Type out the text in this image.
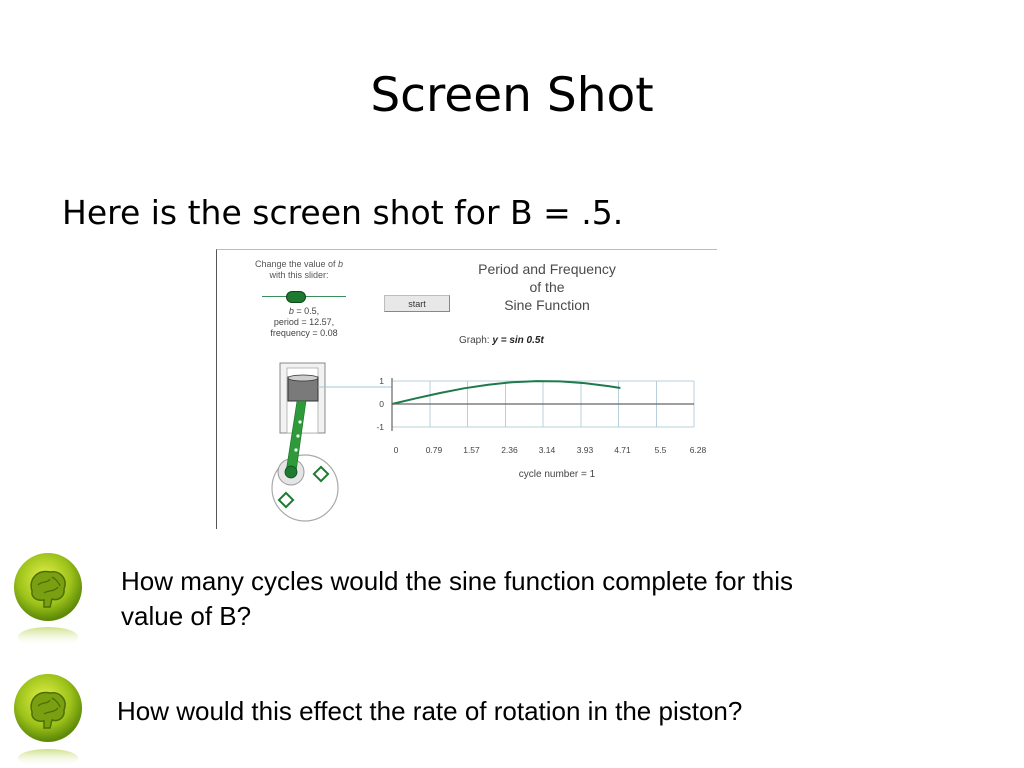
Screen Shot

Here is the screen shot for B = .5.

1
0
-1
0	0.79 1.57	2.36 3.14	3.93 4.71	5.5	6.28
Change the value of b
with this slider:
b = 0.5,
period = 12.57,
frequency = 0.08
start
Period and Frequency
of the
Sine Function
Graph: y = sin 0.5t
cycle number = 1

How many cycles would the sine function complete for this
value of B?

How would this effect the rate of rotation in the piston?
